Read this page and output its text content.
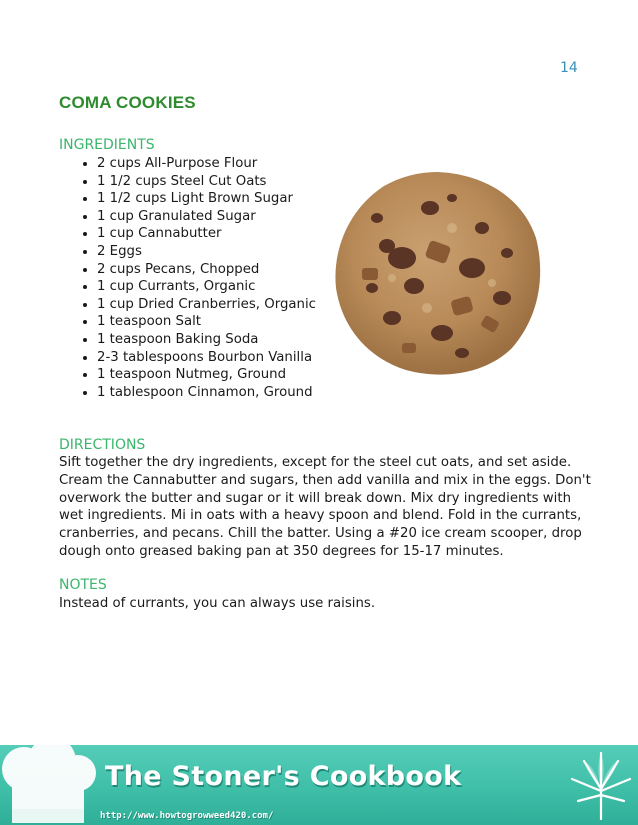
14
COMA COOKIES
INGREDIENTS
• 2 cups All-Purpose Flour
• 1 1/2 cups Steel Cut Oats
• 1 1/2 cups Light Brown Sugar
• 1 cup Granulated Sugar
• 1 cup Cannabutter
• 2 Eggs
• 2 cups Pecans, Chopped
• 1 cup Currants, Organic
• 1 cup Dried Cranberries, Organic
• 1 teaspoon Salt
• 1 teaspoon Baking Soda
• 2-3 tablespoons Bourbon Vanilla
• 1 teaspoon Nutmeg, Ground
• 1 tablespoon Cinnamon, Ground
DIRECTIONS

Sift together the dry ingredients, except for the steel cut oats, and set aside. Cream the Cannabutter and sugars, then add vanilla and mix in the eggs. Don't overwork the butter and sugar or it will break down. Mix dry ingredients with wet ingredients. Mi in oats with a heavy spoon and blend. Fold in the currants, cranberries, and pecans. Chill the batter. Using a #20 ice cream scooper, drop dough onto greased baking pan at 350 degrees for 15-17 minutes.

NOTES

Instead of currants, you can always use raisins.

The Stoner's Cookbook
http://www.howtogrowweed420.com/
